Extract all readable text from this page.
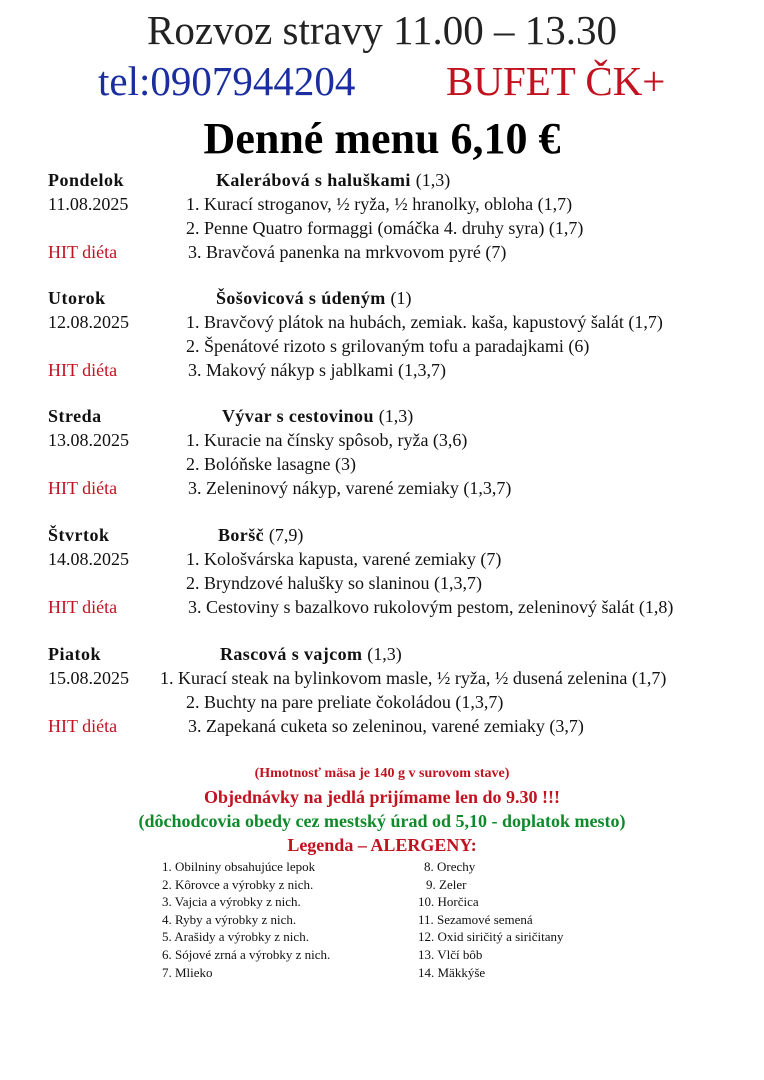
Rozvoz stravy 11.00 – 13.30
tel:0907944204 BUFET ČK+
Denné menu 6,10 €
Pondelok	Kalerábová s haluškami (1,3)
11.08.2025	1. Kurací stroganov, ½ ryža, ½ hranolky, obloha (1,7)
2. Penne Quatro formaggi (omáčka 4. druhy syra) (1,7)
HIT diéta	3. Bravčová panenka na mrkvovom pyré (7)
Utorok	Šošovicová s údeným (1)
12.08.2025	1. Bravčový plátok na hubách, zemiak. kaša, kapustový šalát (1,7)
2. Špenátové rizoto s grilovaným tofu a paradajkami (6)
HIT diéta	3. Makový nákyp s jablkami (1,3,7)
Streda	Vývar s cestovinou (1,3)
13.08.2025	1. Kuracie na čínsky spôsob, ryža (3,6)
2. Bolóňske lasagne (3)
HIT diéta	3. Zeleninový nákyp, varené zemiaky (1,3,7)
Štvrtok	Boršč (7,9)
14.08.2025	1. Kološvárska kapusta, varené zemiaky (7)
2. Bryndzové halušky so slaninou (1,3,7)
HIT diéta	3. Cestoviny s bazalkovo rukolovým pestom, zeleninový šalát (1,8)
Piatok	Rascová s vajcom (1,3)
15.08.2025 1. Kurací steak na bylinkovom masle, ½ ryža, ½ dusená zelenina (1,7)
2. Buchty na pare preliate čokoládou (1,3,7)
HIT diéta	3. Zapekaná cuketa so zeleninou, varené zemiaky (3,7)
(Hmotnosť mäsa je 140 g v surovom stave)
Objednávky na jedlá prijímame len do 9.30 !!!
(dôchodcovia obedy cez mestský úrad od 5,10 - doplatok mesto)
Legenda – ALERGENY:
1. Obilniny obsahujúce lepok
2. Kôrovce a výrobky z nich.
3. Vajcia a výrobky z nich.
4. Ryby a výrobky z nich.
5. Arašidy a výrobky z nich.
6. Sójové zrná a výrobky z nich.
7. Mlieko
8. Orechy
9. Zeler
10. Horčica
11. Sezamové semená
12. Oxid siričitý a siričitany
13. Vlčí bôb
14. Mäkkýše
